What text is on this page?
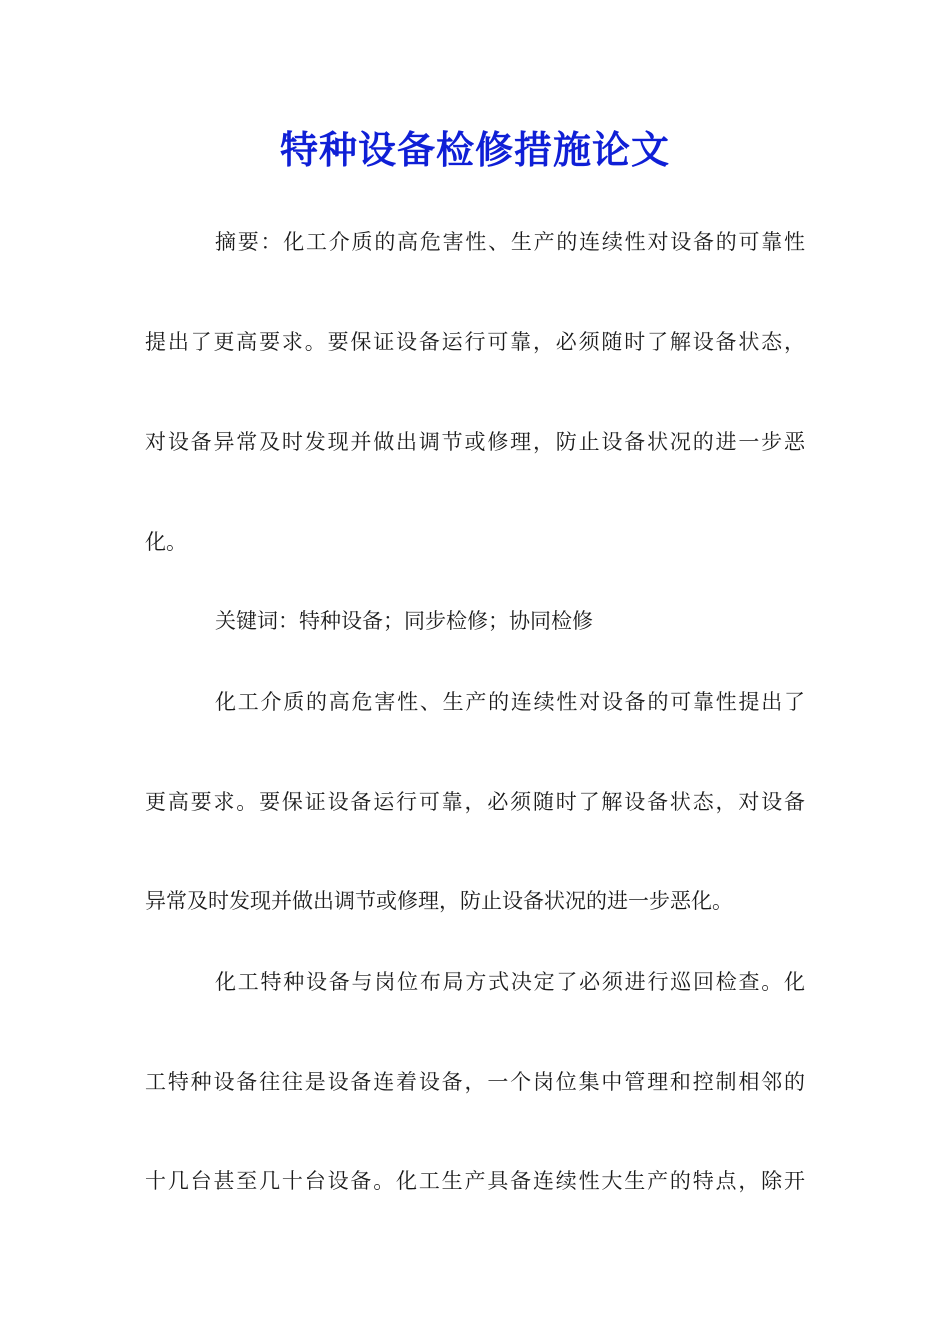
特种设备检修措施论文
摘要：化工介质的高危害性、生产的连续性对设备的可靠性
提出了更高要求。要保证设备运行可靠，必须随时了解设备状态，
对设备异常及时发现并做出调节或修理，防止设备状况的进一步恶
化。
关键词：特种设备；同步检修；协同检修
化工介质的高危害性、生产的连续性对设备的可靠性提出了
更高要求。要保证设备运行可靠，必须随时了解设备状态，对设备
异常及时发现并做出调节或修理，防止设备状况的进一步恶化。
化工特种设备与岗位布局方式决定了必须进行巡回检查。化
工特种设备往往是设备连着设备，一个岗位集中管理和控制相邻的
十几台甚至几十台设备。化工生产具备连续性大生产的特点，除开
